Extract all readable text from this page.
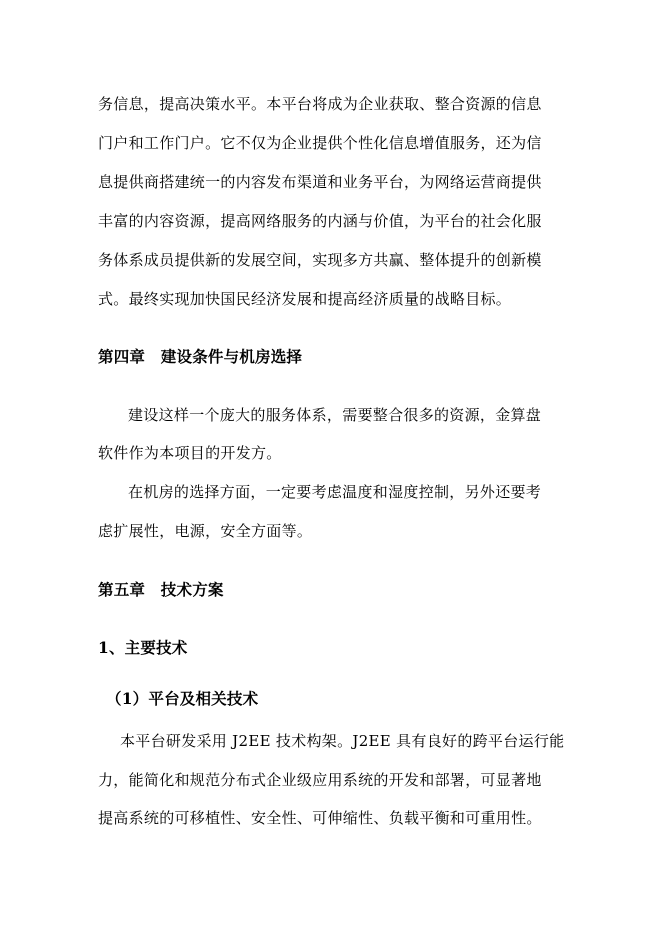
务信息，提高决策水平。本平台将成为企业获取、整合资源的信息
门户和工作门户。它不仅为企业提供个性化信息增值服务，还为信
息提供商搭建统一的内容发布渠道和业务平台，为网络运营商提供
丰富的内容资源，提高网络服务的内涵与价值，为平台的社会化服
务体系成员提供新的发展空间，实现多方共赢、整体提升的创新模
式。最终实现加快国民经济发展和提高经济质量的战略目标。
第四章　建设条件与机房选择
建设这样一个庞大的服务体系，需要整合很多的资源，金算盘
软件作为本项目的开发方。
在机房的选择方面，一定要考虑温度和湿度控制，另外还要考
虑扩展性，电源，安全方面等。
第五章　技术方案
1、主要技术
（1）平台及相关技术
本平台研发采用 J2EE 技术构架。J2EE 具有良好的跨平台运行能
力，能简化和规范分布式企业级应用系统的开发和部署，可显著地
提高系统的可移植性、安全性、可伸缩性、负载平衡和可重用性。
